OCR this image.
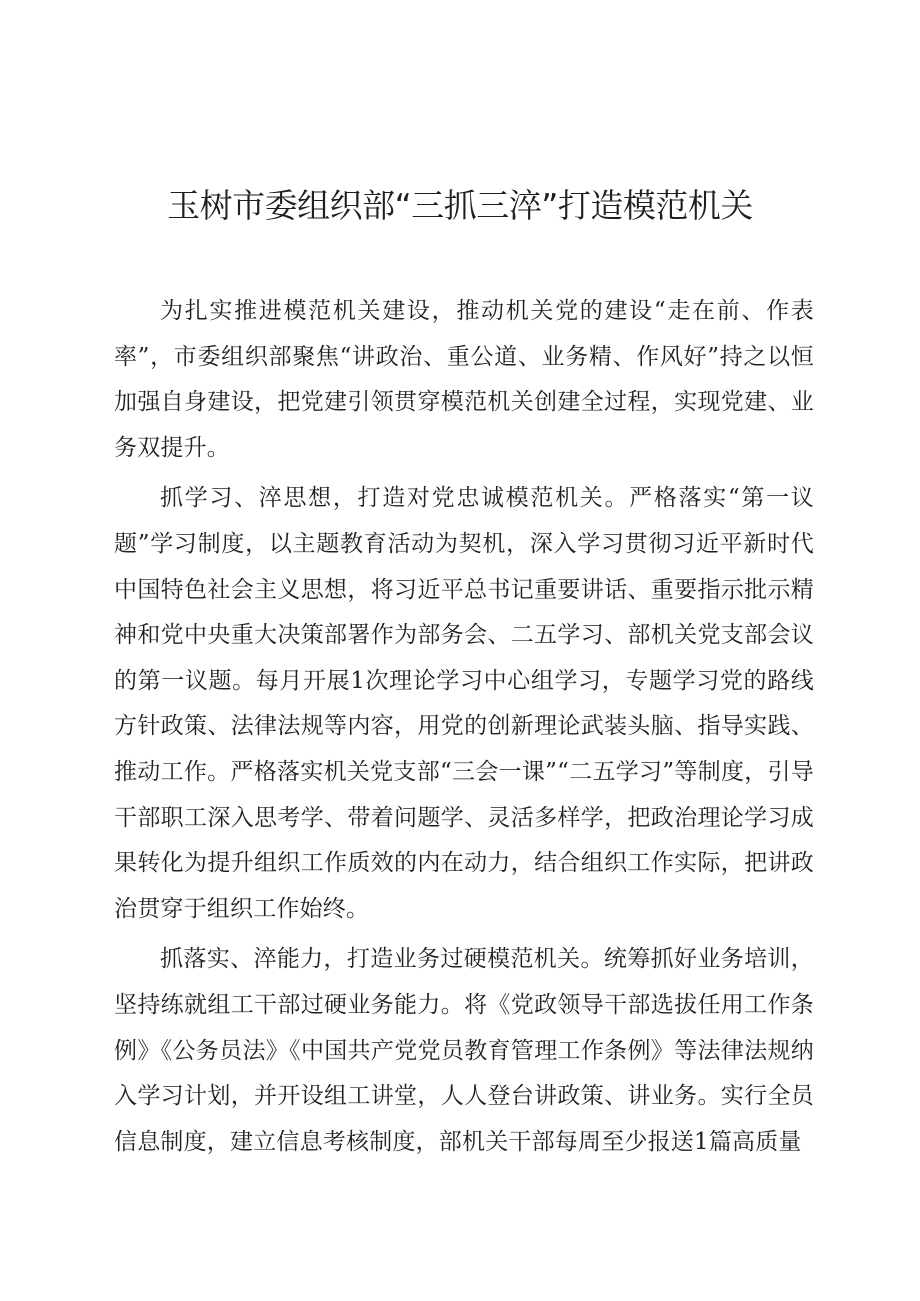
玉树市委组织部“三抓三淬”打造模范机关

为扎实推进模范机关建设，推动机关党的建设“走在前、作表率”，市委组织部聚焦“讲政治、重公道、业务精、作风好”持之以恒加强自身建设，把党建引领贯穿模范机关创建全过程，实现党建、业务双提升。

抓学习、淬思想，打造对党忠诚模范机关。严格落实“第一议题”学习制度，以主题教育活动为契机，深入学习贯彻习近平新时代中国特色社会主义思想，将习近平总书记重要讲话、重要指示批示精神和党中央重大决策部署作为部务会、二五学习、部机关党支部会议的第一议题。每月开展1次理论学习中心组学习，专题学习党的路线方针政策、法律法规等内容，用党的创新理论武装头脑、指导实践、推动工作。严格落实机关党支部“三会一课”“二五学习”等制度，引导干部职工深入思考学、带着问题学、灵活多样学，把政治理论学习成果转化为提升组织工作质效的内在动力，结合组织工作实际，把讲政治贯穿于组织工作始终。

抓落实、淬能力，打造业务过硬模范机关。统筹抓好业务培训，坚持练就组工干部过硬业务能力。将《党政领导干部选拔任用工作条例》《公务员法》《中国共产党党员教育管理工作条例》等法律法规纳入学习计划，并开设组工讲堂，人人登台讲政策、讲业务。实行全员信息制度，建立信息考核制度，部机关干部每周至少报送1篇高质量
